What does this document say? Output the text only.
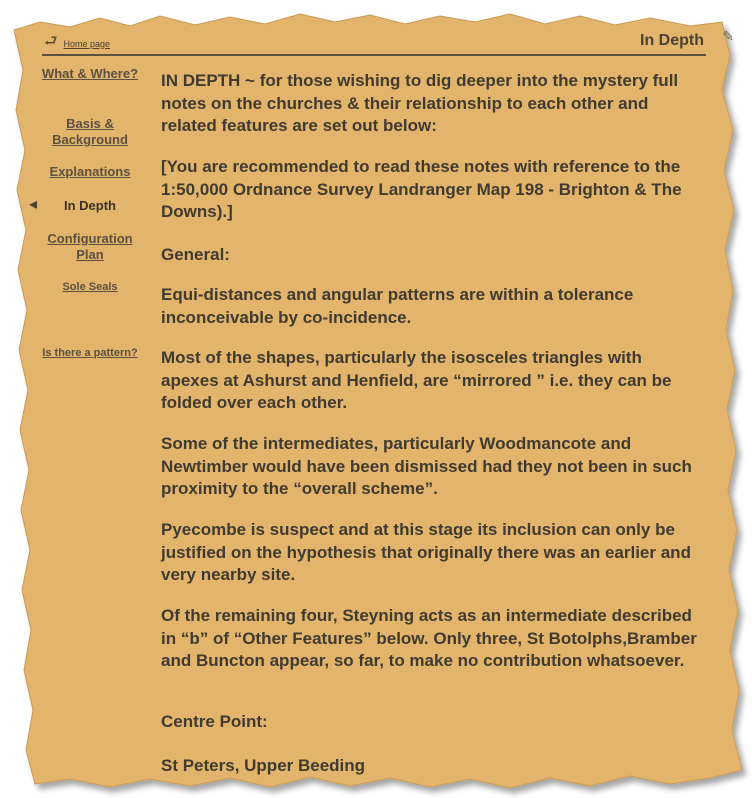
⮐ Home page	In Depth ✎
◂
What & Where?
Basis & Background
Explanations
In Depth
Configuration Plan
Sole Seals
Is there a pattern?

IN DEPTH ~ for those wishing to dig deeper into the mystery full notes on the churches & their relationship to each other and related features are set out below:

[You are recommended to read these notes with reference to the 1:50,000 Ordnance Survey Landranger Map 198 - Brighton & The Downs).]

General:

Equi-distances and angular patterns are within a tolerance inconceivable by co-incidence.

Most of the shapes, particularly the isosceles triangles with apexes at Ashurst and Henfield, are “mirrored ” i.e. they can be folded over each other.

Some of the intermediates, particularly Woodmancote and Newtimber would have been dismissed had they not been in such proximity to the “overall scheme”.

Pyecombe is suspect and at this stage its inclusion can only be justified on the hypothesis that originally there was an earlier and very nearby site.

Of the remaining four, Steyning acts as an intermediate described in “b” of “Other Features” below. Only three, St Botolphs,Bramber and Buncton appear, so far, to make no contribution whatsoever.

Centre Point:

St Peters, Upper Beeding
